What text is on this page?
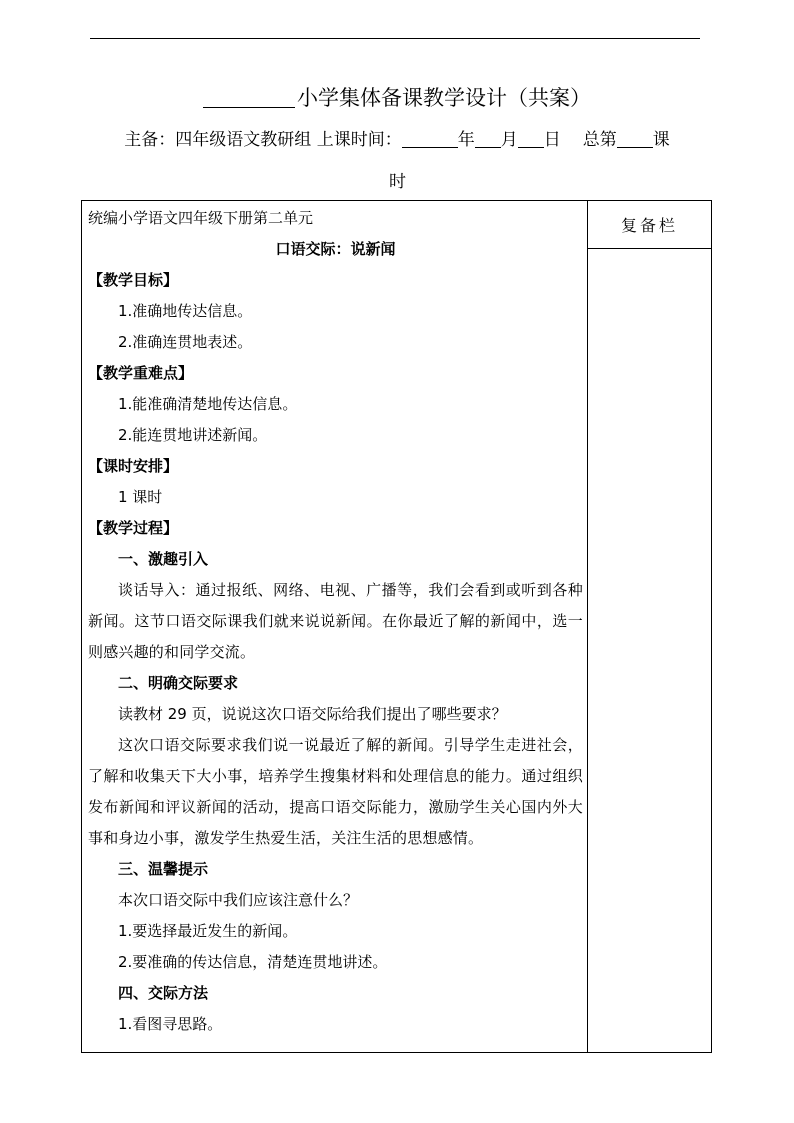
小学集体备课教学设计（共案）
主备：四年级语文教研组 上课时间：	年 月 日 总第 课
时
复备栏
统编小学语文四年级下册第二单元
口语交际：说新闻
【教学目标】
1.准确地传达信息。
2.准确连贯地表述。
【教学重难点】
1.能准确清楚地传达信息。
2.能连贯地讲述新闻。
【课时安排】
1 课时
【教学过程】
一、激趣引入
谈话导入：通过报纸、网络、电视、广播等，我们会看到或听到各种新闻。这节口语交际课我们就来说说新闻。在你最近了解的新闻中，选一则感兴趣的和同学交流。
二、明确交际要求
读教材 29 页，说说这次口语交际给我们提出了哪些要求？
这次口语交际要求我们说一说最近了解的新闻。引导学生走进社会，了解和收集天下大小事，培养学生搜集材料和处理信息的能力。通过组织发布新闻和评议新闻的活动，提高口语交际能力，激励学生关心国内外大事和身边小事，激发学生热爱生活，关注生活的思想感情。
三、温馨提示
本次口语交际中我们应该注意什么？
1.要选择最近发生的新闻。
2.要准确的传达信息，清楚连贯地讲述。
四、交际方法
1.看图寻思路。
